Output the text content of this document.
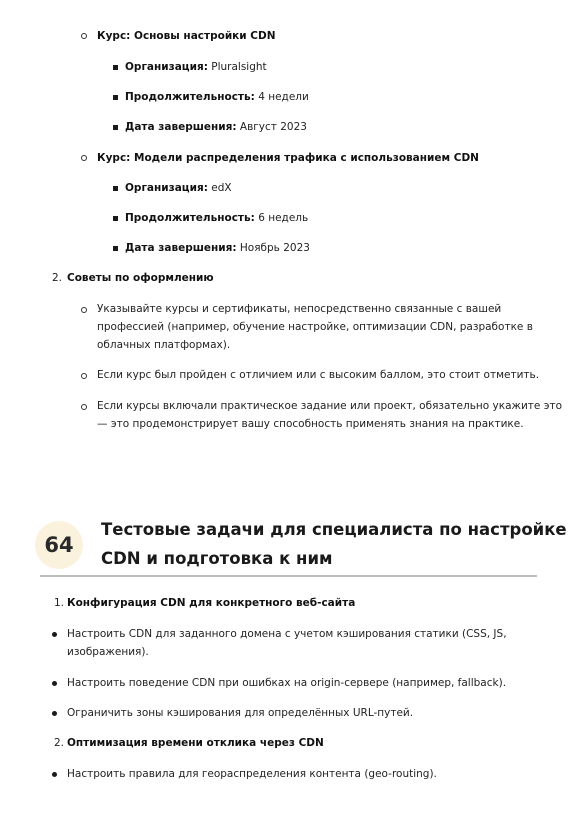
Курс: Основы настройки CDN
Организация: Pluralsight
Продолжительность: 4 недели
Дата завершения: Август 2023
Курс: Модели распределения трафика с использованием CDN
Организация: edX
Продолжительность: 6 недель
Дата завершения: Ноябрь 2023
2. Советы по оформлению
Указывайте курсы и сертификаты, непосредственно связанные с вашей
профессией (например, обучение настройке, оптимизации CDN, разработке в
облачных платформах).
Если курс был пройден с отличием или с высоким баллом, это стоит отметить.
Если курсы включали практическое задание или проект, обязательно укажите это
— это продемонстрирует вашу способность применять знания на практике.
64
Тестовые задачи для специалиста по настройке
CDN и подготовка к ним
1. Конфигурация CDN для конкретного веб-сайта
Настроить CDN для заданного домена с учетом кэширования статики (CSS, JS,
изображения).
Настроить поведение CDN при ошибках на origin-сервере (например, fallback).
Ограничить зоны кэширования для определённых URL-путей.
2. Оптимизация времени отклика через CDN
Настроить правила для геораспределения контента (geo-routing).
